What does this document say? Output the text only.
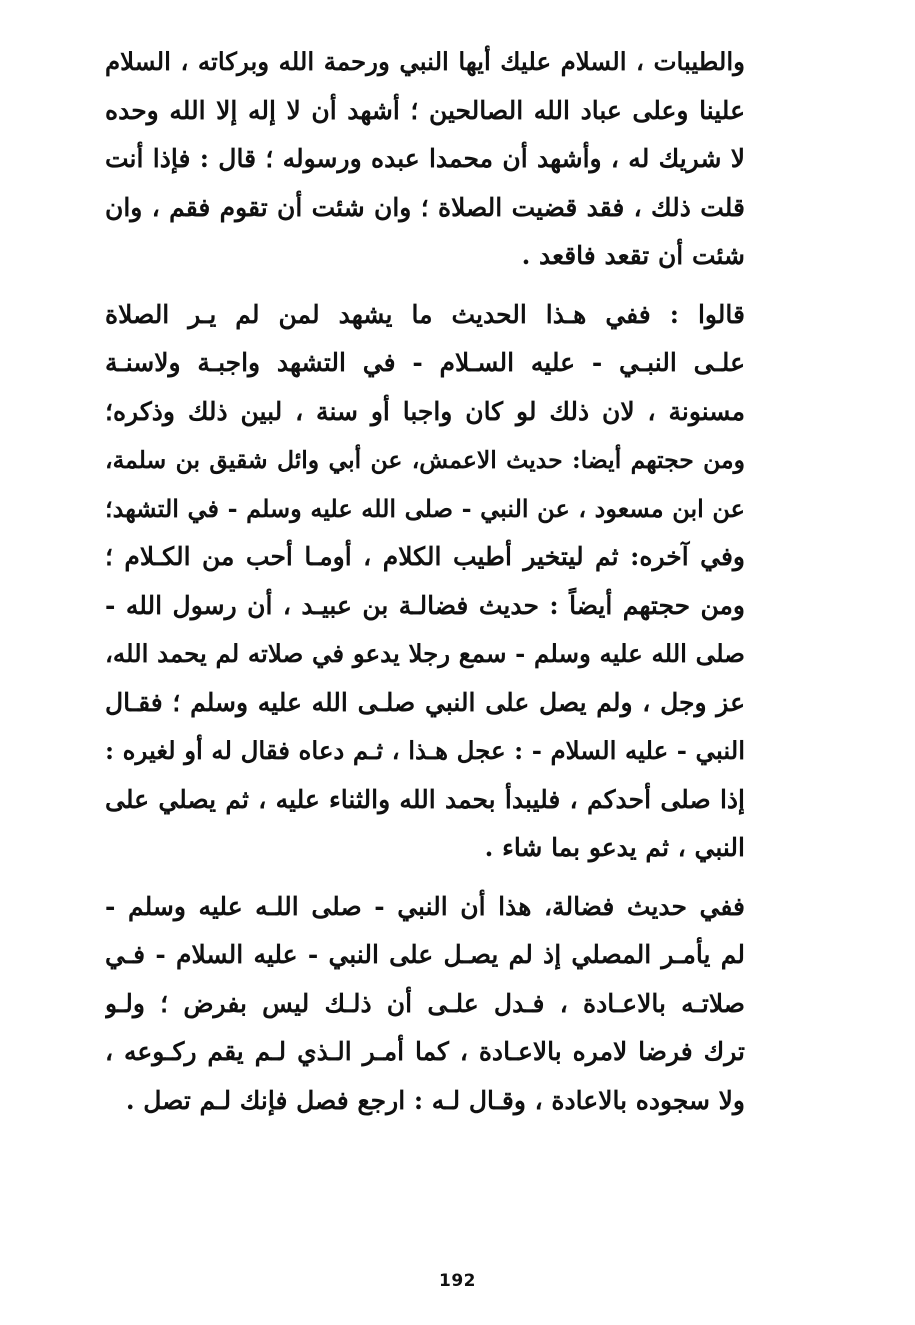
والطيبات ، السلام عليك أيها النبي ورحمة الله وبركاته ، السلام
علينا وعلى عباد الله الصالحين ؛ أشهد أن لا إله إلا الله وحده
لا شريك له ، وأشهد أن محمدا عبده ورسوله ؛ قال : فإذا أنت
قلت ذلك ، فقد قضيت الصلاة ؛ وان شئت أن تقوم فقم ، وان
شئت أن تقعد فاقعد .
قالوا : ففي هـذا الحديث ما يشهد لمن لم يـر الصلاة
علـى النبـي - عليه السـلام - في التشهد واجبـة ولاسنـة
مسنونة ، لان ذلك لو كان واجبا أو سنة ، لبين ذلك وذكره؛
ومن حجتهم أيضا: حديث الاعمش، عن أبي وائل شقيق بن سلمة،
عن ابن مسعود ، عن النبي - صلى الله عليه وسلم - في التشهد؛
وفي آخره: ثم ليتخير أطيب الكلام ، أومـا أحب من الكـلام ؛
ومن حجتهم أيضاً : حديث فضالـة بن عبيـد ، أن رسول الله -
صلى الله عليه وسلم - سمع رجلا يدعو في صلاته لم يحمد الله،
عز وجل ، ولم يصل على النبي صلـى الله عليه وسلم ؛ فقـال
النبي - عليه السلام - : عجل هـذا ، ثـم دعاه فقال له أو لغيره :
إذا صلى أحدكم ، فليبدأ بحمد الله والثناء عليه ، ثم يصلي على
النبي ، ثم يدعو بما شاء .
ففي حديث فضالة، هذا أن النبي - صلى اللـه عليه وسلم -
لم يأمـر المصلي إذ لم يصـل على النبي - عليه السلام - فـي
صلاتـه بالاعـادة ، فـدل علـى أن ذلـك ليس بفرض ؛ ولـو
ترك فرضا لامره بالاعـادة ، كما أمـر الـذي لـم يقم ركـوعه ،
ولا سجوده بالاعادة ، وقـال لـه : ارجع فصل فإنك لـم تصل .
192
